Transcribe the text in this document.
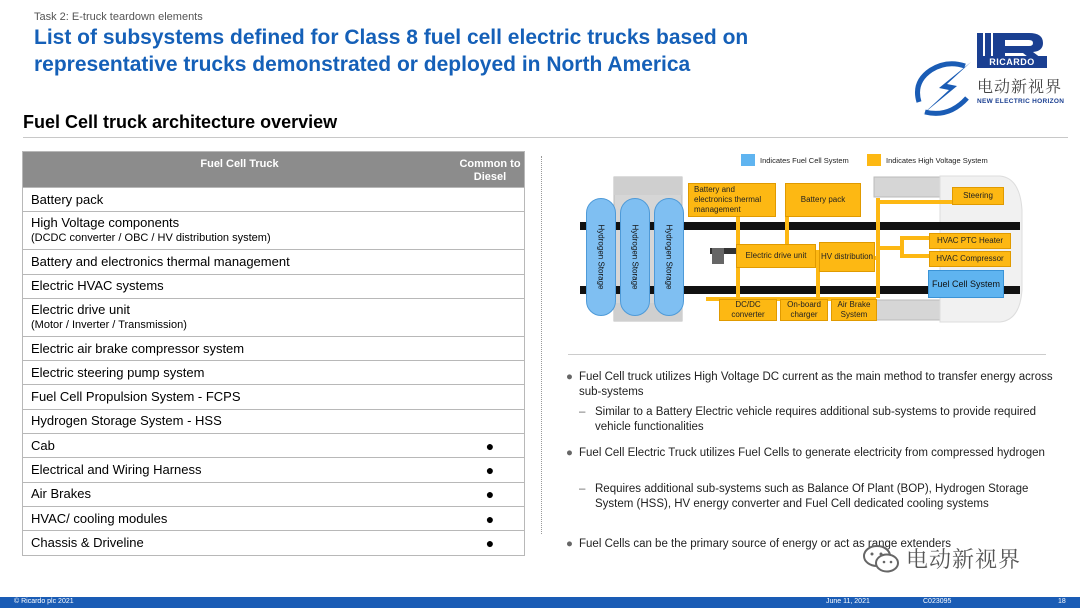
Task 2: E-truck teardown elements
List of subsystems defined for Class 8 fuel cell electric trucks based on representative trucks demonstrated or deployed in North America	RICARDO
电动新视界
NEW ELECTRIC HORIZON
Fuel Cell truck architecture overview
Fuel Cell Truck	Common to Diesel
Battery pack
High Voltage components
(DCDC converter / OBC / HV distribution system)
Battery and electronics thermal management
Electric HVAC systems
Electric drive unit
(Motor / Inverter / Transmission)
Electric air brake compressor system
Electric steering pump system
Fuel Cell Propulsion System - FCPS
Hydrogen Storage System - HSS
Cab	●
Electrical and Wiring Harness	●
Air Brakes	●
HVAC/ cooling modules	●
Chassis & Driveline	●
Indicates Fuel Cell System	Indicates High Voltage System
Hydrogen Storage	Hydrogen Storage	Hydrogen Storage
Battery and electronics thermal management
Battery pack	Steering
Electric drive unit	HV distribution
HVAC PTC Heater
HVAC Compressor
Fuel Cell System
DC/DC converter
On-board charger
Air Brake System
● Fuel Cell truck utilizes High Voltage DC current as the main method to transfer energy across sub-systems
– Similar to a Battery Electric vehicle requires additional sub-systems to provide required vehicle functionalities
● Fuel Cell Electric Truck utilizes Fuel Cells to generate electricity from compressed hydrogen
– Requires additional sub-systems such as Balance Of Plant (BOP), Hydrogen Storage System (HSS), HV energy converter and Fuel Cell dedicated cooling systems
● Fuel Cells can be the primary source of energy or act as range extenders
电动新视界
© Ricardo plc 2021	June 11, 2021	C023095	18
